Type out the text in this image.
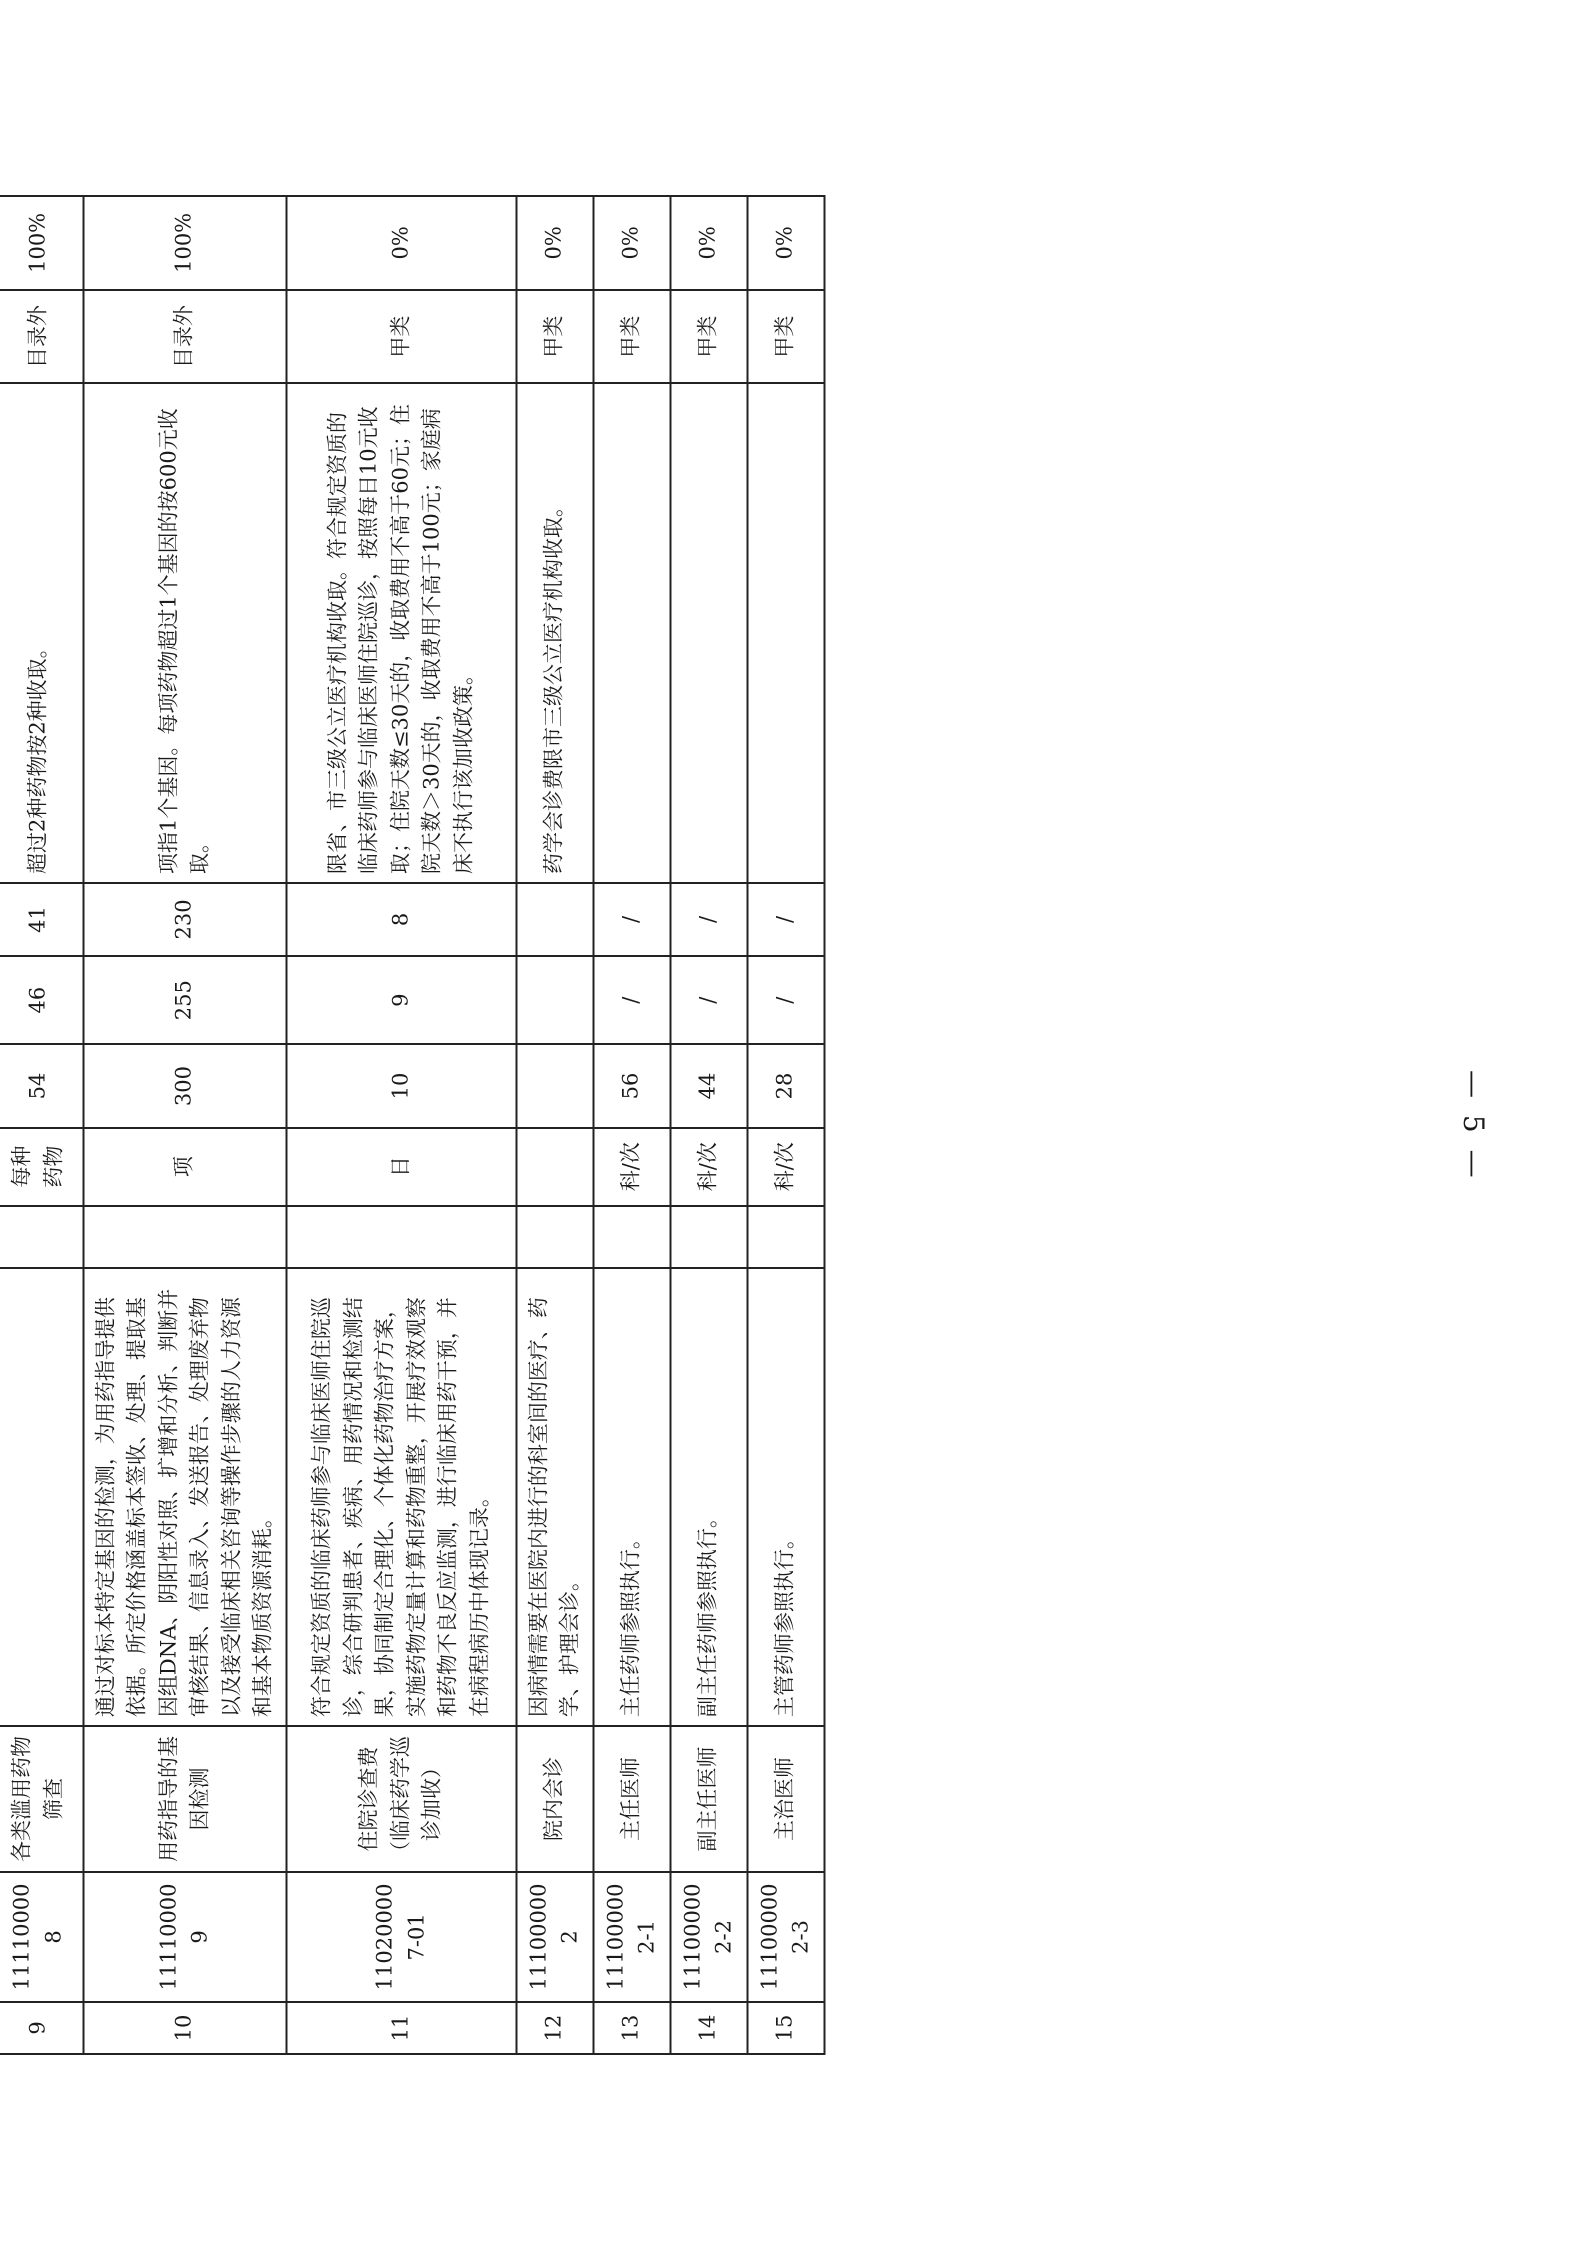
9	111100008	各类滥用药物筛查			每种药物	54	46	41	超过2种药物按2种收取。	目录外	100%
10	111100009	用药指导的基因检测	通过对标本特定基因的检测，为用药指导提供依据。所定价格涵盖标本签收、处理、提取基因组DNA、阴阳性对照、扩增和分析、判断并审核结果、信息录入、发送报告、处理废弃物以及接受临床相关咨询等操作步骤的人力资源和基本物质资源消耗。		项	300	255	230	项指1个基因。每项药物超过1个基因的按600元收取。	目录外	100%
11	110200007-01	住院诊查费（临床药学巡诊加收）	符合规定资质的临床药师参与临床医师住院巡诊，综合研判患者、疾病、用药情况和检测结果，协同制定合理化、个体化药物治疗方案，实施药物定量计算和药物重整，开展疗效观察和药物不良反应监测，进行临床用药干预，并在病程病历中体现记录。		日	10	9	8	限省、市三级公立医疗机构收取。符合规定资质的临床药师参与临床医师住院巡诊，按照每日10元收取；住院天数≤30天的，收取费用不高于60元；住院天数＞30天的，收取费用不高于100元；家庭病床不执行该加收政策。	甲类	0%
12	111000002	院内会诊	因病情需要在医院内进行的科室间的医疗、药学、护理会诊。						药学会诊费限市三级公立医疗机构收取。	甲类	0%
13	111000002-1	主任医师	主任药师参照执行。		科/次	56	/	/		甲类	0%
14	111000002-2	副主任医师	副主任药师参照执行。		科/次	44	/	/		甲类	0%
15	111000002-3	主治医师	主管药师参照执行。		科/次	28	/	/		甲类	0%
— 5 —
